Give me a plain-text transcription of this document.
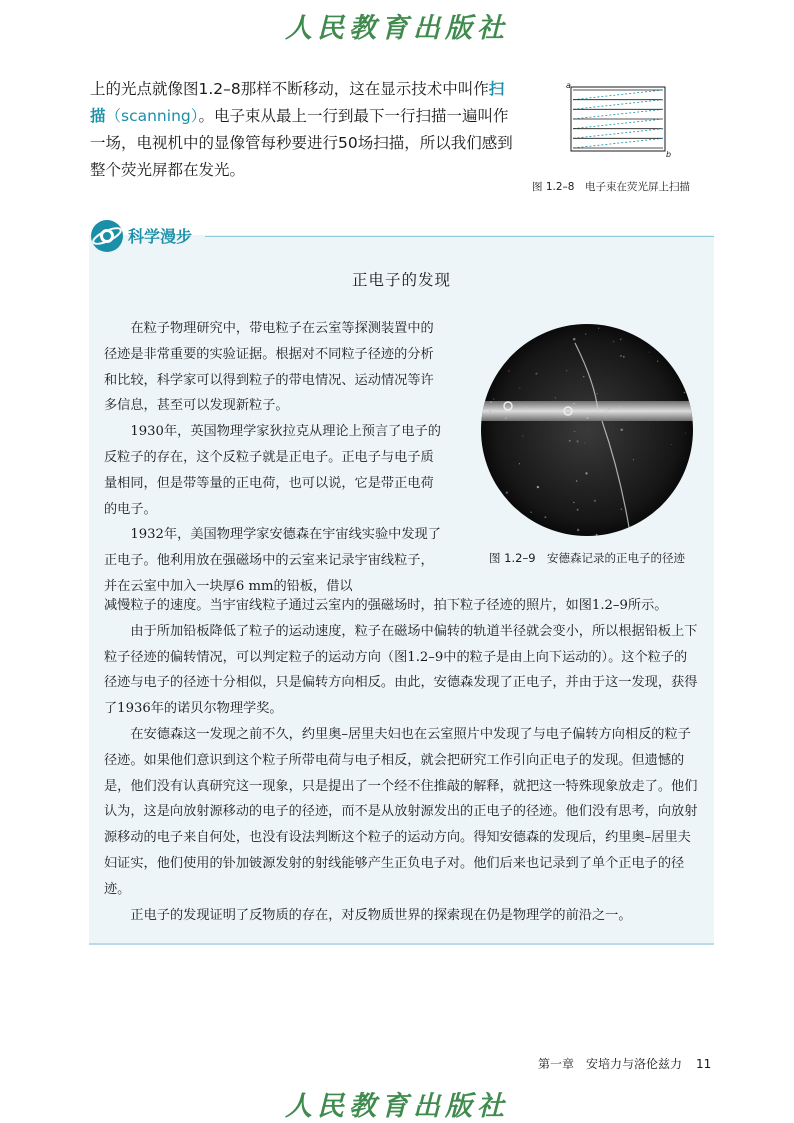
人民教育出版社
上的光点就像图1.2–8那样不断移动，这在显示技术中叫作扫描（scanning）。电子束从最上一行到最下一行扫描一遍叫作一场，电视机中的显像管每秒要进行50场扫描，所以我们感到整个荧光屏都在发光。
a
b
图 1.2–8　电子束在荧光屏上扫描
科学漫步
正电子的发现

在粒子物理研究中，带电粒子在云室等探测装置中的径迹是非常重要的实验证据。根据对不同粒子径迹的分析和比较，科学家可以得到粒子的带电情况、运动情况等许多信息，甚至可以发现新粒子。

1930年，英国物理学家狄拉克从理论上预言了电子的反粒子的存在，这个反粒子就是正电子。正电子与电子质量相同，但是带等量的正电荷，也可以说，它是带正电荷的电子。

1932年，美国物理学家安德森在宇宙线实验中发现了正电子。他利用放在强磁场中的云室来记录宇宙线粒子，并在云室中加入一块厚6 mm的铅板，借以

图 1.2–9　安德森记录的正电子的径迹
减慢粒子的速度。当宇宙线粒子通过云室内的强磁场时，拍下粒子径迹的照片，如图1.2–9所示。

由于所加铅板降低了粒子的运动速度，粒子在磁场中偏转的轨道半径就会变小，所以根据铅板上下粒子径迹的偏转情况，可以判定粒子的运动方向（图1.2–9中的粒子是由上向下运动的）。这个粒子的径迹与电子的径迹十分相似，只是偏转方向相反。由此，安德森发现了正电子，并由于这一发现，获得了1936年的诺贝尔物理学奖。

在安德森这一发现之前不久，约里奥–居里夫妇也在云室照片中发现了与电子偏转方向相反的粒子径迹。如果他们意识到这个粒子所带电荷与电子相反，就会把研究工作引向正电子的发现。但遗憾的是，他们没有认真研究这一现象，只是提出了一个经不住推敲的解释，就把这一特殊现象放走了。他们认为，这是向放射源移动的电子的径迹，而不是从放射源发出的正电子的径迹。他们没有思考，向放射源移动的电子来自何处，也没有设法判断这个粒子的运动方向。得知安德森的发现后，约里奥–居里夫妇证实，他们使用的钋加铍源发射的射线能够产生正负电子对。他们后来也记录到了单个正电子的径迹。

正电子的发现证明了反物质的存在，对反物质世界的探索现在仍是物理学的前沿之一。

第一章　安培力与洛伦兹力 11
人民教育出版社
